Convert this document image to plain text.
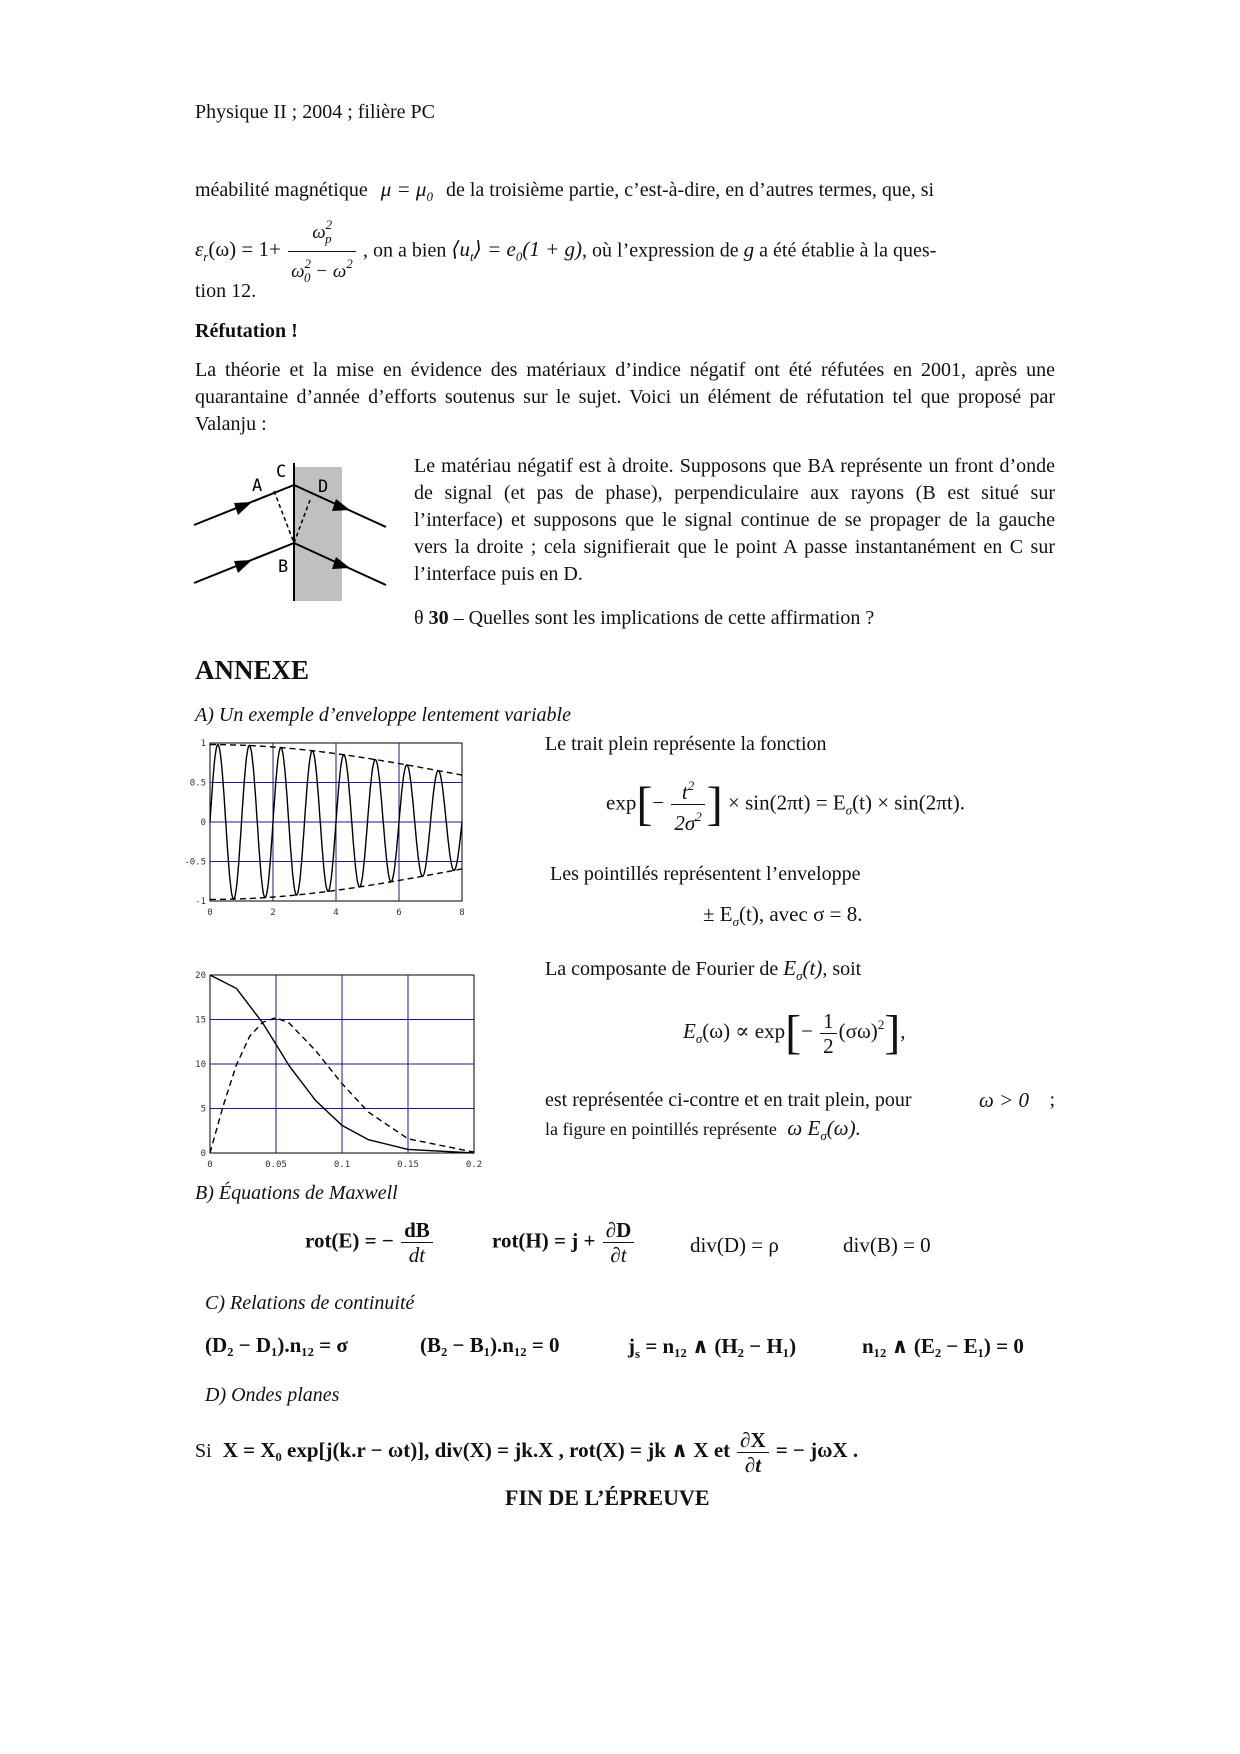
Physique II ; 2004 ; filière PC
méabilité magnétique $\mu = \mu_0$ de la troisième partie, c’est-à-dire, en d’autres termes, que, si
$\varepsilon_r(\omega) = 1+ \frac{\omega^2_p}{\omega^2_0 - \omega^2}$ , on a bien $⟨u_t⟩ = e_0(1 + g)$, où l’expression de g a été établie à la ques-
tion 12.
Réfutation !
La théorie et la mise en évidence des matériaux d’indice négatif ont été réfutées en 2001, après une quarantaine d’année d’efforts soutenus sur le sujet. Voici un élément de réfutation tel que proposé par Valanju :
A
C
D
B
Le matériau négatif est à droite. Supposons que BA représente un front d’onde de signal (et pas de phase), perpendiculaire aux rayons (B est situé sur l’interface) et supposons que le signal continue de se propager de la gauche vers la droite ; cela signifierait que le point A passe instantanément en C sur l’interface puis en D.
θ 30 – Quelles sont les implications de cette affirmation ?
ANNEXE
A) Un exemple d’enveloppe lentement variable
0	2	4	6	8
1
0.5
0
-0.5
-1
Le trait plein représente la fonction
$\exp[- \frac{t^2}{2\sigma^2}$ ] × $\sin(2\pi t) = E_\sigma(t) \times \sin(2\pi t)$.
Les pointillés représentent l’enveloppe
± $E_\sigma(t)$, avec σ = 8.
0	0.05	0.1	0.15	0.2
20
15
10
5
0
La composante de Fourier de $E_\sigma(t)$, soit
$E_\sigma(\omega) \propto \exp[- \frac{1}{2} (\sigma\omega)^2]$,
est représentée ci-contre et en trait plein, pour	ω > 0 ;
la figure en pointillés représente ω $E_\sigma(\omega)$.
B) Équations de Maxwell
rot(E) = − $\frac{dB}{dt}$	$rot(H) = j + \frac{\partial D}{\partial t}$	div(D) = ρ	div(B) = 0
C) Relations de continuité
(D₂ − D₁).n₁₂ = σ	(B₂ − B₁).n₁₂ = 0	$j_s = n_{12}$ ∧ (H₂ − H₁)	n₁₂ ∧ (E₂ − E₁) = 0
D) Ondes planes
Si X = X₀ exp[j(k.r − ωt)], div(X) = jk.X , rot(X) = jk ∧ X et $\frac{\partial X}{\partial t}$ = − jωX .
FIN DE L’ÉPREUVE
